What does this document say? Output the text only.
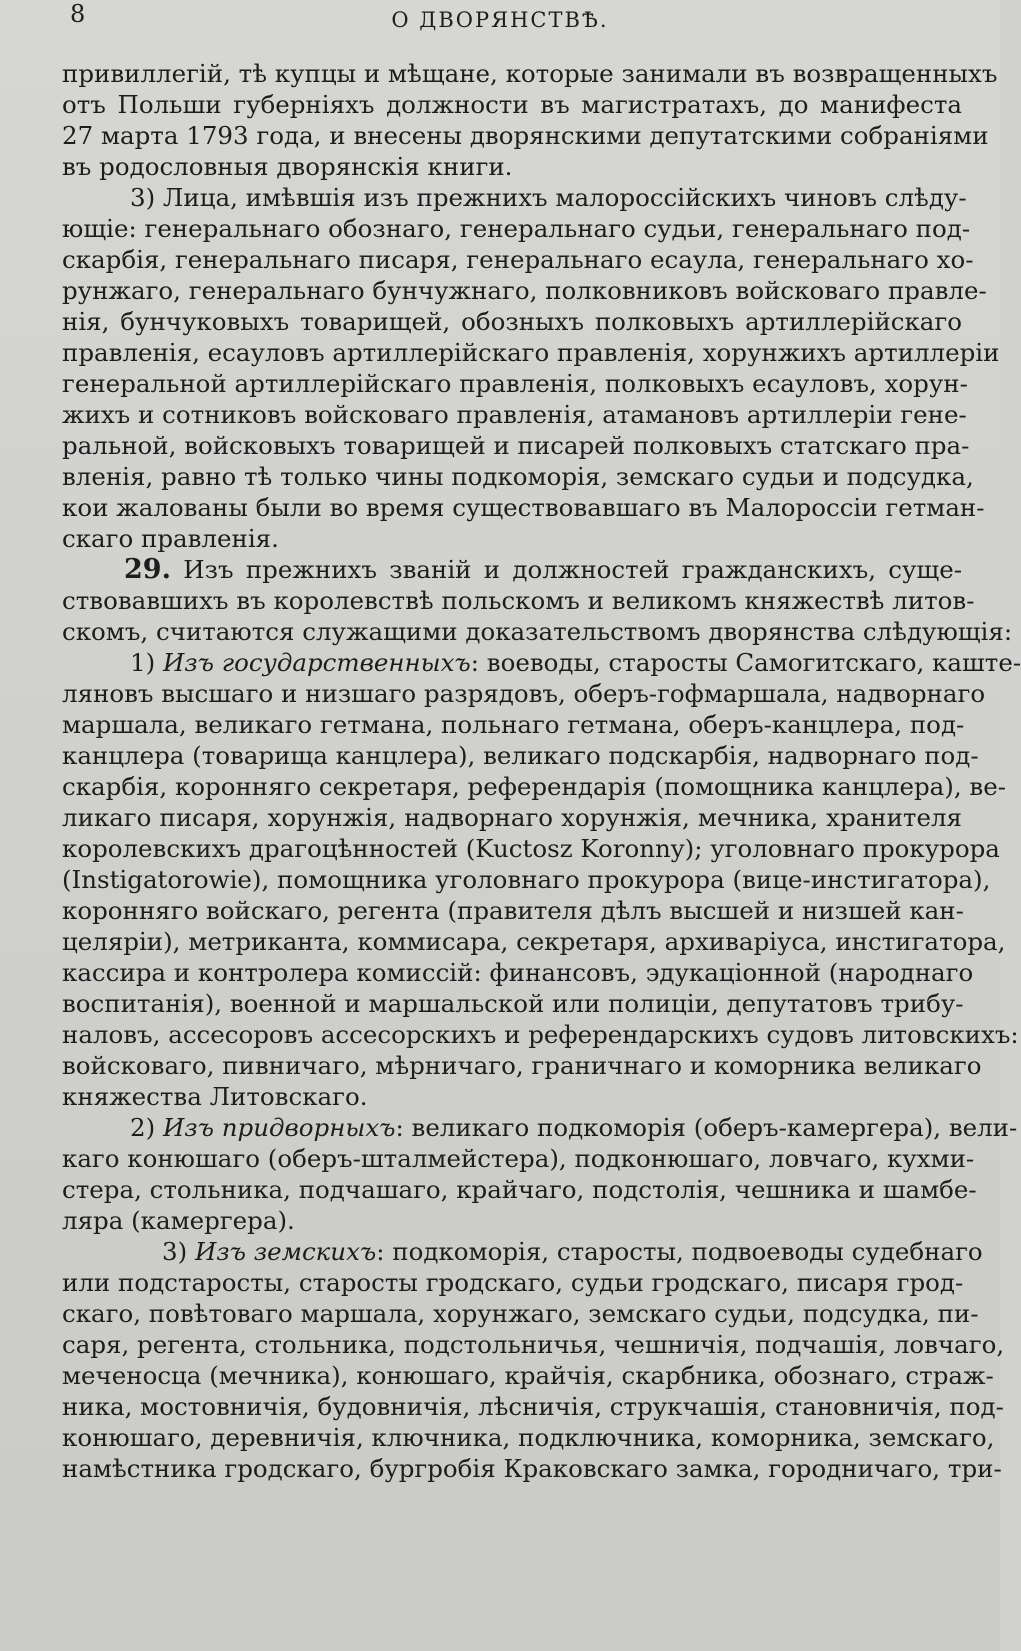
8	О ДВОРЯНСТВѢ.
привиллегій, тѣ купцы и мѣщане, которые занимали въ возвращенныхъ
отъ Польши губерніяхъ должности въ магистратахъ, до манифеста
27 марта 1793 года, и внесены дворянскими депутатскими собраніями
въ родословныя дворянскія книги.
3) Лица, имѣвшія изъ прежнихъ малороссійскихъ чиновъ слѣду-
ющіе: генеральнаго обознаго, генеральнаго судьи, генеральнаго под-
скарбія, генеральнаго писаря, генеральнаго есаула, генеральнаго хо-
рунжаго, генеральнаго бунчужнаго, полковниковъ войсковаго правле-
нія, бунчуковыхъ товарищей, обозныхъ полковыхъ артиллерійскаго
правленія, есауловъ артиллерійскаго правленія, хорунжихъ артиллеріи
генеральной артиллерійскаго правленія, полковыхъ есауловъ, хорун-
жихъ и сотниковъ войсковаго правленія, атамановъ артиллеріи гене-
ральной, войсковыхъ товарищей и писарей полковыхъ статскаго пра-
вленія, равно тѣ только чины подкоморія, земскаго судьи и подсудка,
кои жалованы были во время существовавшаго въ Малороссіи гетман-
скаго правленія.
29. Изъ прежнихъ званій и должностей гражданскихъ, суще-
ствовавшихъ въ королевствѣ польскомъ и великомъ княжествѣ литов-
скомъ, считаются служащими доказательствомъ дворянства слѣдующія:
1) Изъ государственныхъ: воеводы, старосты Самогитскаго, каште-
ляновъ высшаго и низшаго разрядовъ, оберъ-гофмаршала, надворнаго
маршала, великаго гетмана, польнаго гетмана, оберъ-канцлера, под-
канцлера (товарища канцлера), великаго подскарбія, надворнаго под-
скарбія, коронняго секретаря, референдарія (помощника канцлера), ве-
ликаго писаря, хорунжія, надворнаго хорунжія, мечника, хранителя
королевскихъ драгоцѣнностей (Kuctosz Koronny); уголовнаго прокурора
(Instigatorowie), помощника уголовнаго прокурора (вице-инстигатора),
коронняго войскаго, регента (правителя дѣлъ высшей и низшей кан-
целяріи), метриканта, коммисара, секретаря, архиваріуса, инстигатора,
кассира и контролера комиссій: финансовъ, эдукаціонной (народнаго
воспитанія), военной и маршальской или полиціи, депутатовъ трибу-
наловъ, ассесоровъ ассесорскихъ и референдарскихъ судовъ литовскихъ:
войсковаго, пивничаго, мѣрничаго, граничнаго и коморника великаго
княжества Литовскаго.
2) Изъ придворныхъ: великаго подкоморія (оберъ-камергера), вели-
каго конюшаго (оберъ-шталмейстера), подконюшаго, ловчаго, кухми-
стера, стольника, подчашаго, крайчаго, подстолія, чешника и шамбе-
ляра (камергера).
3) Изъ земскихъ: подкоморія, старосты, подвоеводы судебнаго
или подстаросты, старосты гродскаго, судьи гродскаго, писаря грод-
скаго, повѣтоваго маршала, хорунжаго, земскаго судьи, подсудка, пи-
саря, регента, стольника, подстольничья, чешничія, подчашія, ловчаго,
меченосца (мечника), конюшаго, крайчія, скарбника, обознаго, страж-
ника, мостовничія, будовничія, лѣсничія, струкчашія, становничія, под-
конюшаго, деревничія, ключника, подключника, коморника, земскаго,
намѣстника гродскаго, бургробія Краковскаго замка, городничаго, три-
